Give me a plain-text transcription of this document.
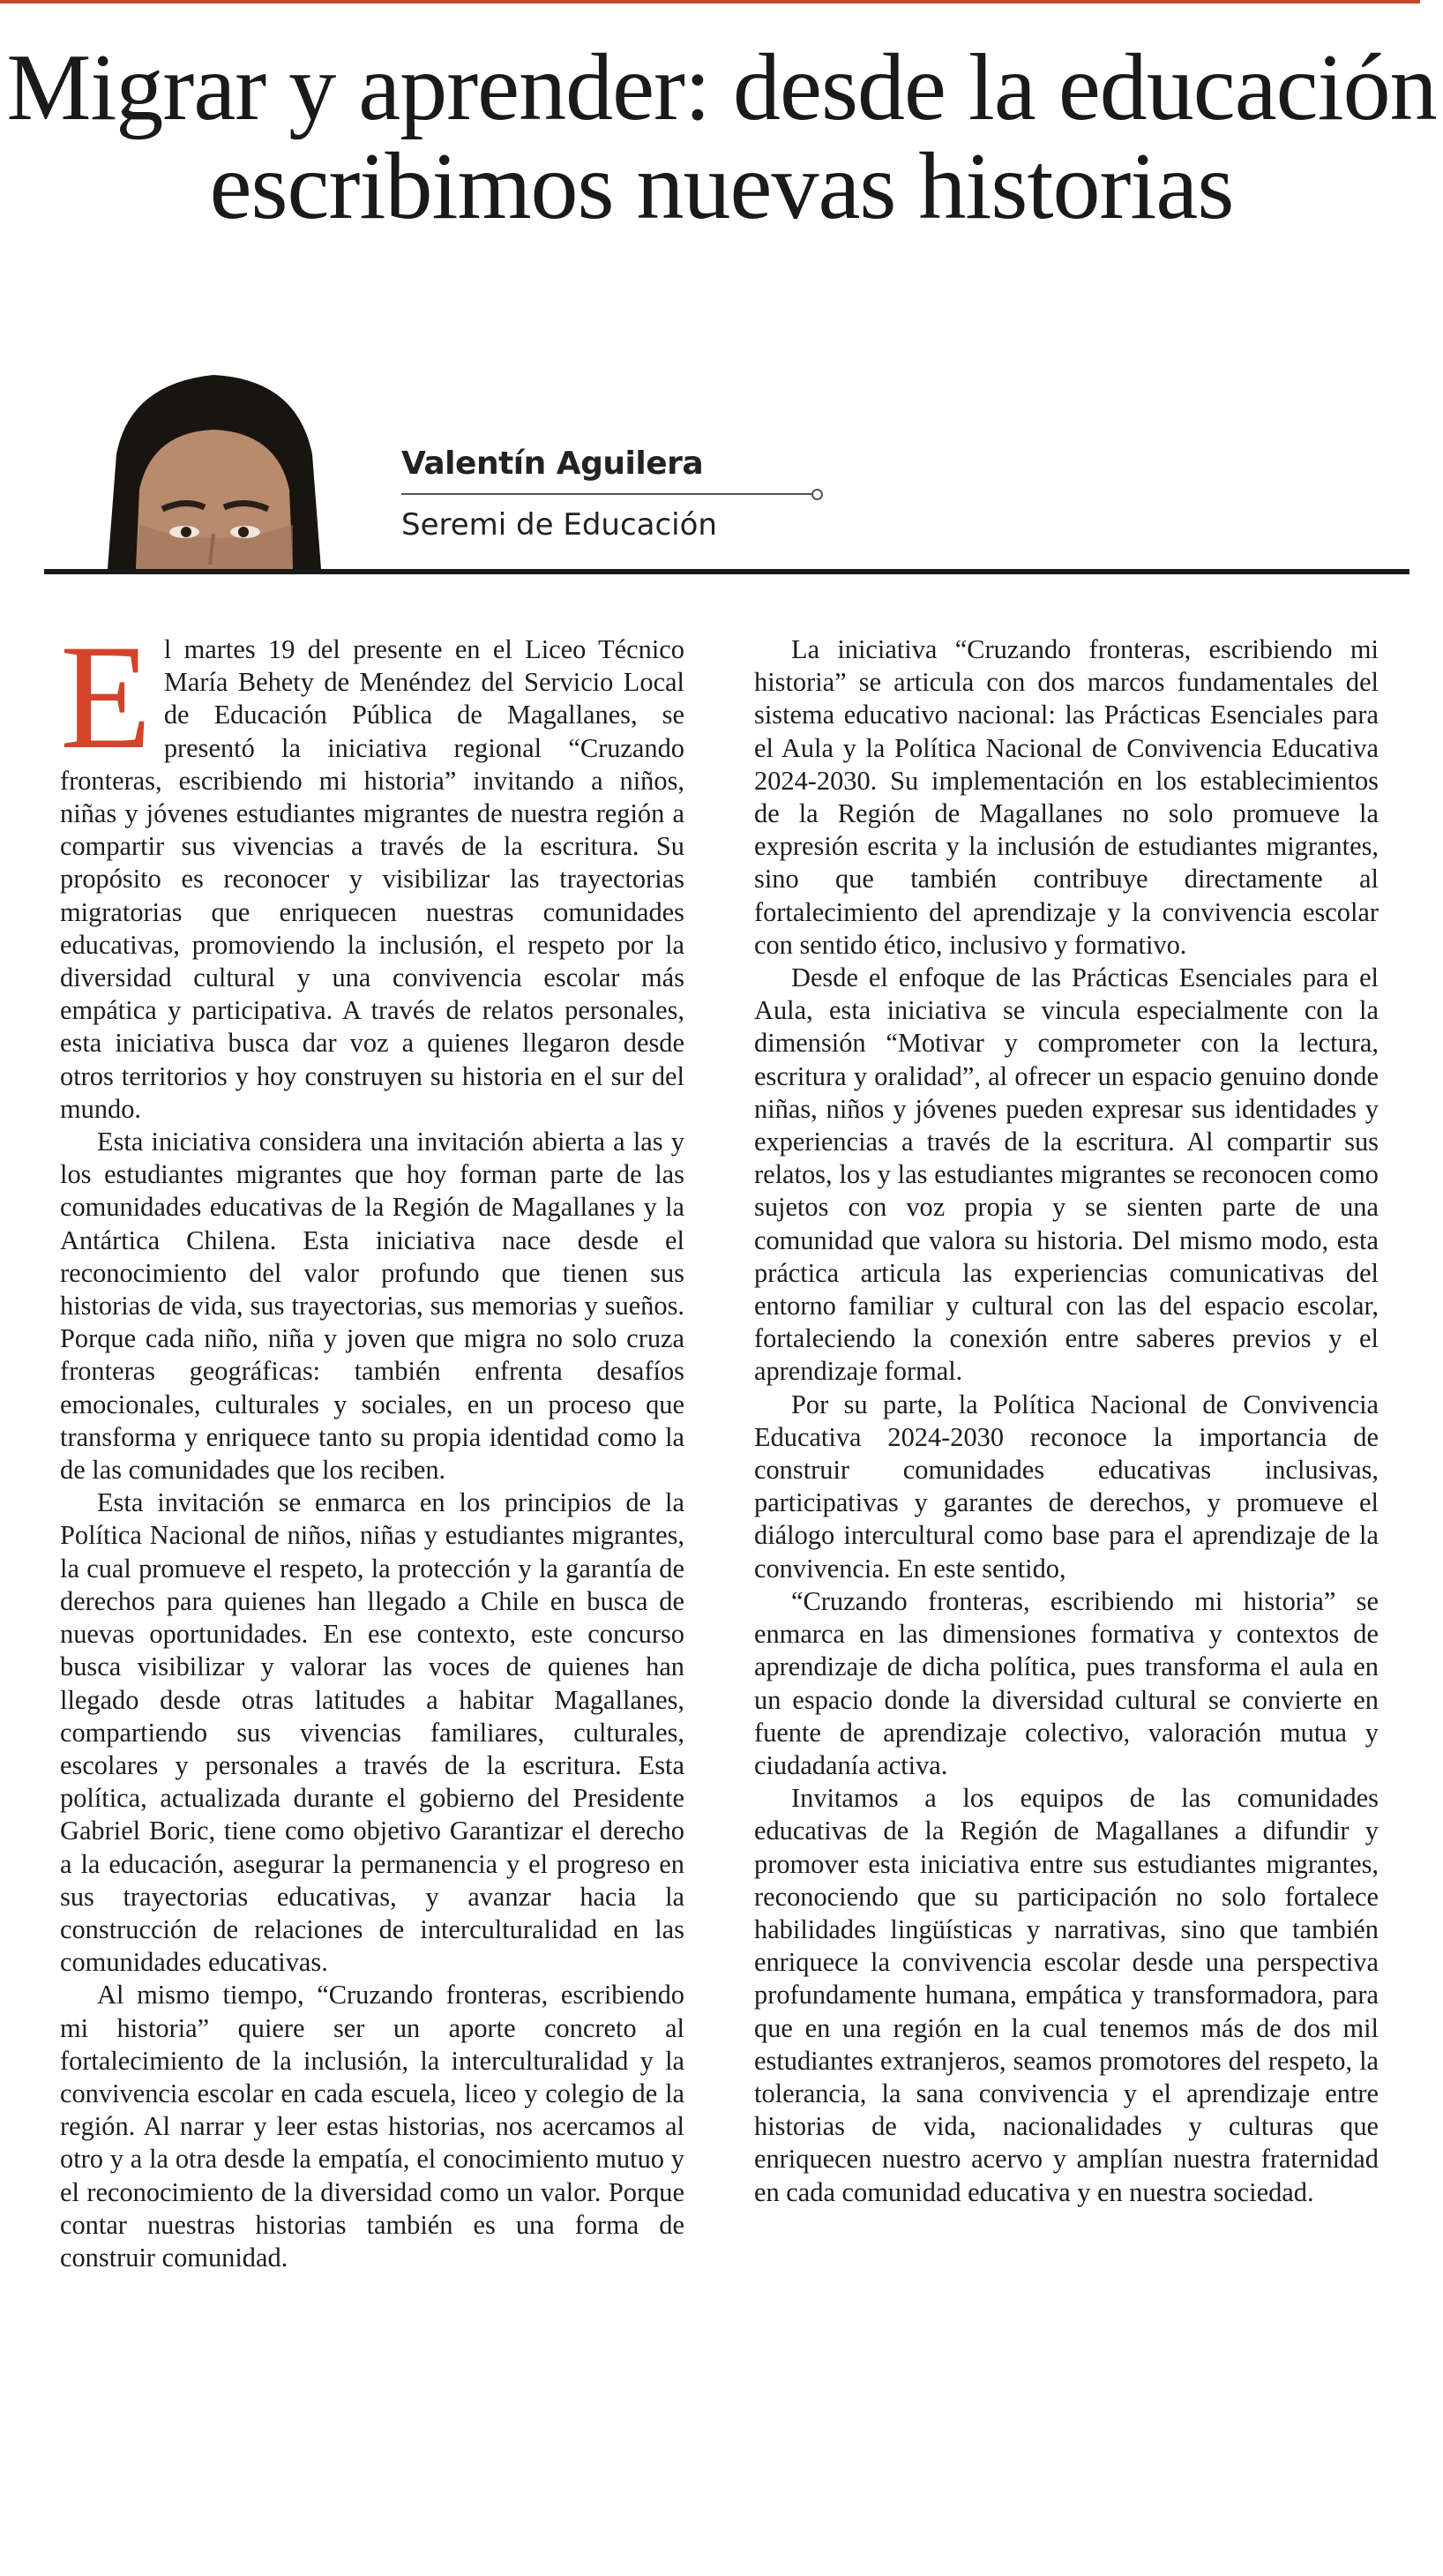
Migrar y aprender: desde la educación escribimos nuevas historias
Valentín Aguilera
Seremi de Educación

El martes 19 del presente en el Liceo Técnico María Behety de Menéndez del Servicio Local de Educación Pública de Magallanes, se presentó la iniciativa regional “Cruzando fronteras, escribiendo mi historia” invitando a niños, niñas y jóvenes estudiantes migrantes de nuestra región a compartir sus vivencias a través de la escritura. Su propósito es reconocer y visibilizar las trayectorias migratorias que enriquecen nuestras comunidades educativas, promoviendo la inclusión, el respeto por la diversidad cultural y una convivencia escolar más empática y participativa. A través de relatos personales, esta iniciativa busca dar voz a quienes llegaron desde otros territorios y hoy construyen su historia en el sur del mundo.

Esta iniciativa considera una invitación abierta a las y los estudiantes migrantes que hoy forman parte de las comunidades educativas de la Región de Magallanes y la Antártica Chilena. Esta iniciativa nace desde el reconocimiento del valor profundo que tienen sus historias de vida, sus trayectorias, sus memorias y sueños. Porque cada niño, niña y joven que migra no solo cruza fronteras geográficas: también enfrenta desafíos emocionales, culturales y sociales, en un proceso que transforma y enriquece tanto su propia identidad como la de las comunidades que los reciben.

Esta invitación se enmarca en los principios de la Política Nacional de niños, niñas y estudiantes migrantes, la cual promueve el respeto, la protección y la garantía de derechos para quienes han llegado a Chile en busca de nuevas oportunidades. En ese contexto, este concurso busca visibilizar y valorar las voces de quienes han llegado desde otras latitudes a habitar Magallanes, compartiendo sus vivencias familiares, culturales, escolares y personales a través de la escritura. Esta política, actualizada durante el gobierno del Presidente Gabriel Boric, tiene como objetivo Garantizar el derecho a la educación, asegurar la permanencia y el progreso en sus trayectorias educativas, y avanzar hacia la construcción de relaciones de interculturalidad en las comunidades educativas.

Al mismo tiempo, “Cruzando fronteras, escribiendo mi historia” quiere ser un aporte concreto al fortalecimiento de la inclusión, la interculturalidad y la convivencia escolar en cada escuela, liceo y colegio de la región. Al narrar y leer estas historias, nos acercamos al otro y a la otra desde la empatía, el conocimiento mutuo y el reconocimiento de la diversidad como un valor. Porque contar nuestras historias también es una forma de construir comunidad.

La iniciativa “Cruzando fronteras, escribiendo mi historia” se articula con dos marcos fundamentales del sistema educativo nacional: las Prácticas Esenciales para el Aula y la Política Nacional de Convivencia Educativa 2024-2030. Su implementación en los establecimientos de la Región de Magallanes no solo promueve la expresión escrita y la inclusión de estudiantes migrantes, sino que también contribuye directamente al fortalecimiento del aprendizaje y la convivencia escolar con sentido ético, inclusivo y formativo.

Desde el enfoque de las Prácticas Esenciales para el Aula, esta iniciativa se vincula especialmente con la dimensión “Motivar y comprometer con la lectura, escritura y oralidad”, al ofrecer un espacio genuino donde niñas, niños y jóvenes pueden expresar sus identidades y experiencias a través de la escritura. Al compartir sus relatos, los y las estudiantes migrantes se reconocen como sujetos con voz propia y se sienten parte de una comunidad que valora su historia. Del mismo modo, esta práctica articula las experiencias comunicativas del entorno familiar y cultural con las del espacio escolar, fortaleciendo la conexión entre saberes previos y el aprendizaje formal.

Por su parte, la Política Nacional de Convivencia Educativa 2024-2030 reconoce la importancia de construir comunidades educativas inclusivas, participativas y garantes de derechos, y promueve el diálogo intercultural como base para el aprendizaje de la convivencia. En este sentido,

“Cruzando fronteras, escribiendo mi historia” se enmarca en las dimensiones formativa y contextos de aprendizaje de dicha política, pues transforma el aula en un espacio donde la diversidad cultural se convierte en fuente de aprendizaje colectivo, valoración mutua y ciudadanía activa.

Invitamos a los equipos de las comunidades educativas de la Región de Magallanes a difundir y promover esta iniciativa entre sus estudiantes migrantes, reconociendo que su participación no solo fortalece habilidades lingüísticas y narrativas, sino que también enriquece la convivencia escolar desde una perspectiva profundamente humana, empática y transformadora, para que en una región en la cual tenemos más de dos mil estudiantes extranjeros, seamos promotores del respeto, la tolerancia, la sana convivencia y el aprendizaje entre historias de vida, nacionalidades y culturas que enriquecen nuestro acervo y amplían nuestra fraternidad en cada comunidad educativa y en nuestra sociedad.
